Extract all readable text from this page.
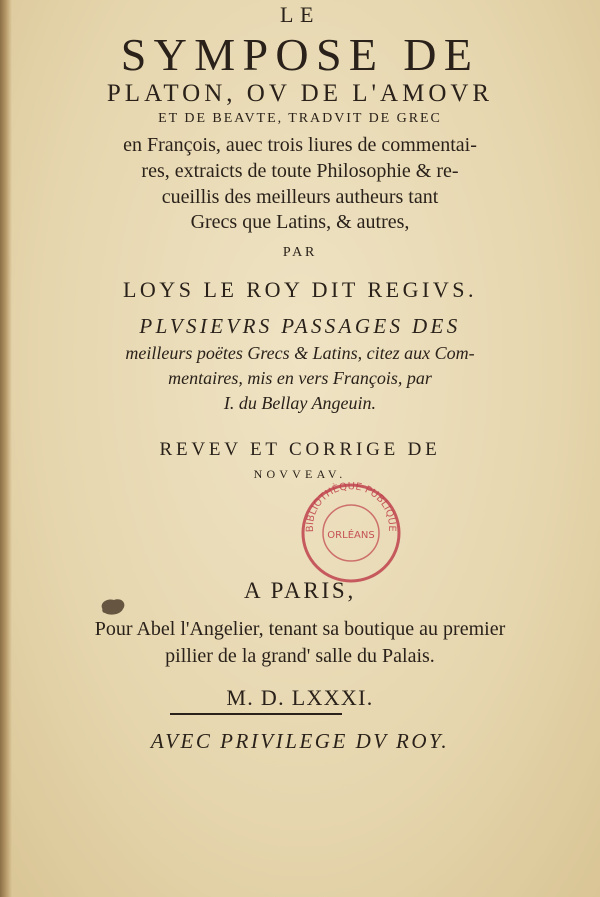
LE
SYMPOSE DE
PLATON, OV DE L'AMOVR
ET DE BEAVTE, TRADVIT DE GREC
en François, auec trois liures de commentai-
res, extraicts de toute Philosophie & re-
cueillis des meilleurs autheurs tant
Grecs que Latins, & autres,
PAR
LOYS LE ROY DIT REGIVS.
PLVSIEVRS PASSAGES DES
meilleurs poëtes Grecs & Latins, citez aux Com-
mentaires, mis en vers François, par
I. du Bellay Angeuin.
REVEV ET CORRIGE DE
NOVVEAV.
BIBLIOTHÈQUE PUBLIQUE
ORLÉANS
A PARIS,
Pour Abel l'Angelier, tenant sa boutique au premier
pillier de la grand' salle du Palais.
M. D. LXXXI.
AVEC PRIVILEGE DV ROY.
